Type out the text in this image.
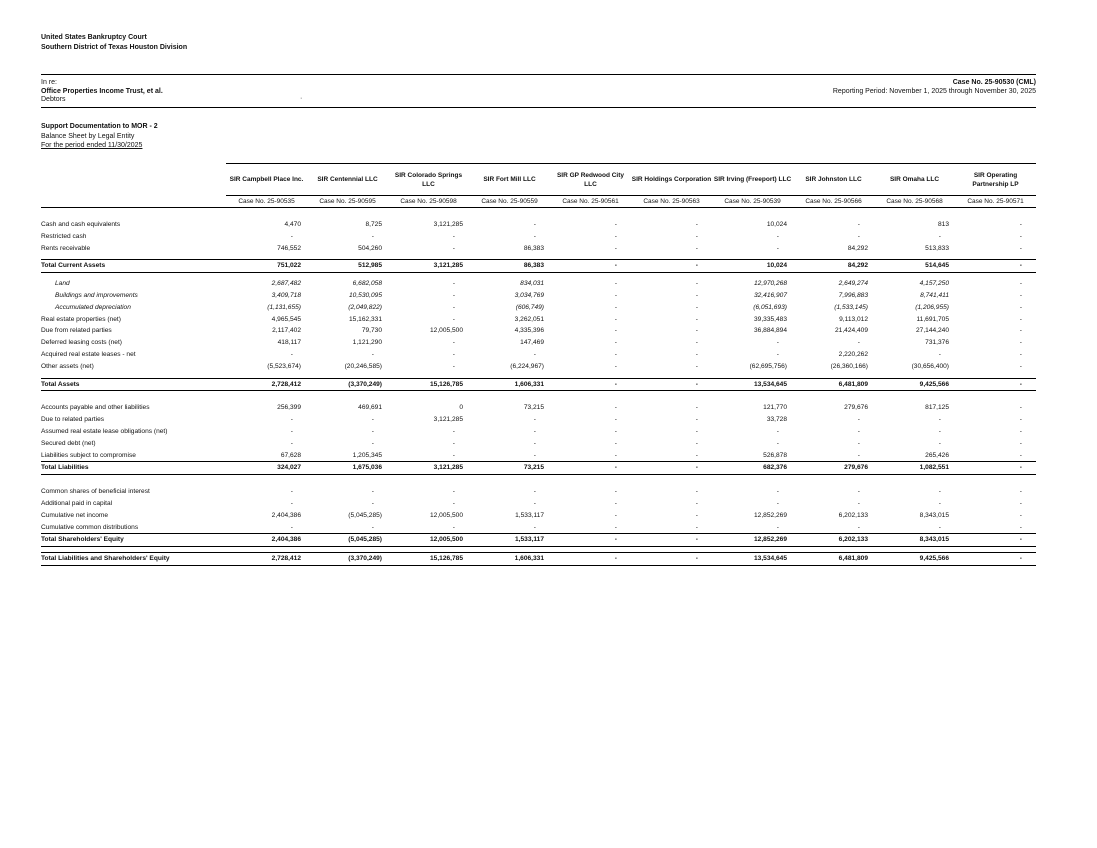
United States Bankruptcy Court
Southern District of Texas Houston Division
In re:
Office Properties Income Trust, et al.
Debtors	·
Case No. 25-90530 (CML)
Reporting Period: November 1, 2025 through November 30, 2025
Support Documentation to MOR - 2
Balance Sheet by Legal Entity
For the period ended 11/30/2025
	SIR Campbell Place Inc.	SIR Centennial LLC	SIR Colorado Springs LLC	SIR Fort Mill LLC	SIR GP Redwood City LLC	SIR Holdings Corporation	SIR Irving (Freeport) LLC	SIR Johnston LLC	SIR Omaha LLC	SIR Operating Partnership LP
	Case No. 25-90535	Case No. 25-90595	Case No. 25-90598	Case No. 25-90559	Case No. 25-90561	Case No. 25-90563	Case No. 25-90539	Case No. 25-90566	Case No. 25-90568	Case No. 25-90571

Cash and cash equivalents	4,470	8,725	3,121,285	-	-	-	10,024	-	813	-
Restricted cash	-	-	-	-	-	-	-	-	-	-
Rents receivable	746,552	504,260	-	86,383	-	-	-	84,292	513,833	-

Total Current Assets	751,022	512,985	3,121,285	86,383	-	-	10,024	84,292	514,645	-

Land	2,687,482	6,682,058	-	834,031	-	-	12,970,268	2,649,274	4,157,250	-
Buildings and improvements	3,409,718	10,530,095	-	3,034,769	-	-	32,416,907	7,996,883	8,741,411	-
Accumulated depreciation	(1,131,655)	(2,049,822)	-	(606,749)	-	-	(6,051,693)	(1,533,145)	(1,206,955)	-
Real estate properties (net)	4,965,545	15,162,331	-	3,262,051	-	-	39,335,483	9,113,012	11,691,705	-
Due from related parties	2,117,402	79,730	12,005,500	4,335,396	-	-	36,884,894	21,424,409	27,144,240	-
Deferred leasing costs (net)	418,117	1,121,290	-	147,469	-	-	-	-	731,376	-
Acquired real estate leases - net	-	-	-	-	-	-	-	2,220,262	-	-
Other assets (net)	(5,523,674)	(20,246,585)	-	(6,224,967)	-	-	(62,695,756)	(26,360,166)	(30,656,400)	-

Total Assets	2,728,412	(3,370,249)	15,126,785	1,606,331	-	-	13,534,645	6,481,809	9,425,566	-

Accounts payable and other liabilities	256,399	469,691	0	73,215	-	-	121,770	279,676	817,125	-
Due to related parties	-	-	3,121,285	-	-	-	33,728	-	-	-
Assumed real estate lease obligations (net)	-	-	-	-	-	-	-	-	-	-
Secured debt (net)	-	-	-	-	-	-	-	-	-	-
Liabilities subject to compromise	67,628	1,205,345	-	-	-	-	526,878	-	265,426	-
Total Liabilities	324,027	1,675,036	3,121,285	73,215	-	-	682,376	279,676	1,082,551	-

Common shares of beneficial interest	-	-	-	-	-	-	-	-	-	-
Additional paid in capital	-	-	-	-	-	-	-	-	-	-
Cumulative net income	2,404,386	(5,045,285)	12,005,500	1,533,117	-	-	12,852,269	6,202,133	8,343,015	-
Cumulative common distributions	-	-	-	-	-	-	-	-	-	-
Total Shareholders' Equity	2,404,386	(5,045,285)	12,005,500	1,533,117	-	-	12,852,269	6,202,133	8,343,015	-

Total Liabilities and Shareholders' Equity	2,728,412	(3,370,249)	15,126,785	1,606,331	-	-	13,534,645	6,481,809	9,425,566	-
